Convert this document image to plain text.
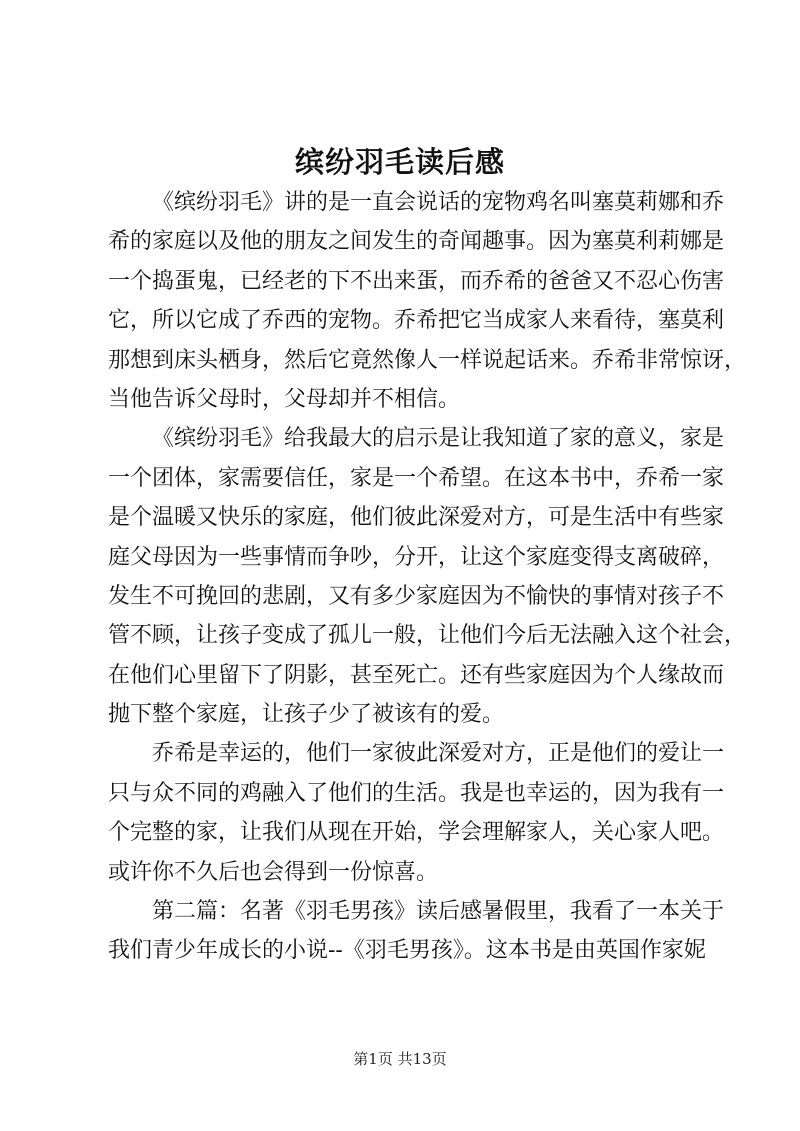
缤纷羽毛读后感
《缤纷羽毛》讲的是一直会说话的宠物鸡名叫塞莫莉娜和乔
希的家庭以及他的朋友之间发生的奇闻趣事。因为塞莫利莉娜是
一个捣蛋鬼，已经老的下不出来蛋，而乔希的爸爸又不忍心伤害
它，所以它成了乔西的宠物。乔希把它当成家人来看待，塞莫利
那想到床头栖身，然后它竟然像人一样说起话来。乔希非常惊讶，
当他告诉父母时，父母却并不相信。
《缤纷羽毛》给我最大的启示是让我知道了家的意义，家是
一个团体，家需要信任，家是一个希望。在这本书中，乔希一家
是个温暖又快乐的家庭，他们彼此深爱对方，可是生活中有些家
庭父母因为一些事情而争吵，分开，让这个家庭变得支离破碎，
发生不可挽回的悲剧，又有多少家庭因为不愉快的事情对孩子不
管不顾，让孩子变成了孤儿一般，让他们今后无法融入这个社会，
在他们心里留下了阴影，甚至死亡。还有些家庭因为个人缘故而
抛下整个家庭，让孩子少了被该有的爱。
乔希是幸运的，他们一家彼此深爱对方，正是他们的爱让一
只与众不同的鸡融入了他们的生活。我是也幸运的，因为我有一
个完整的家，让我们从现在开始，学会理解家人，关心家人吧。
或许你不久后也会得到一份惊喜。
第二篇：名著《羽毛男孩》读后感暑假里，我看了一本关于
我们青少年成长的小说--《羽毛男孩》。这本书是由英国作家妮
第1页 共13页
